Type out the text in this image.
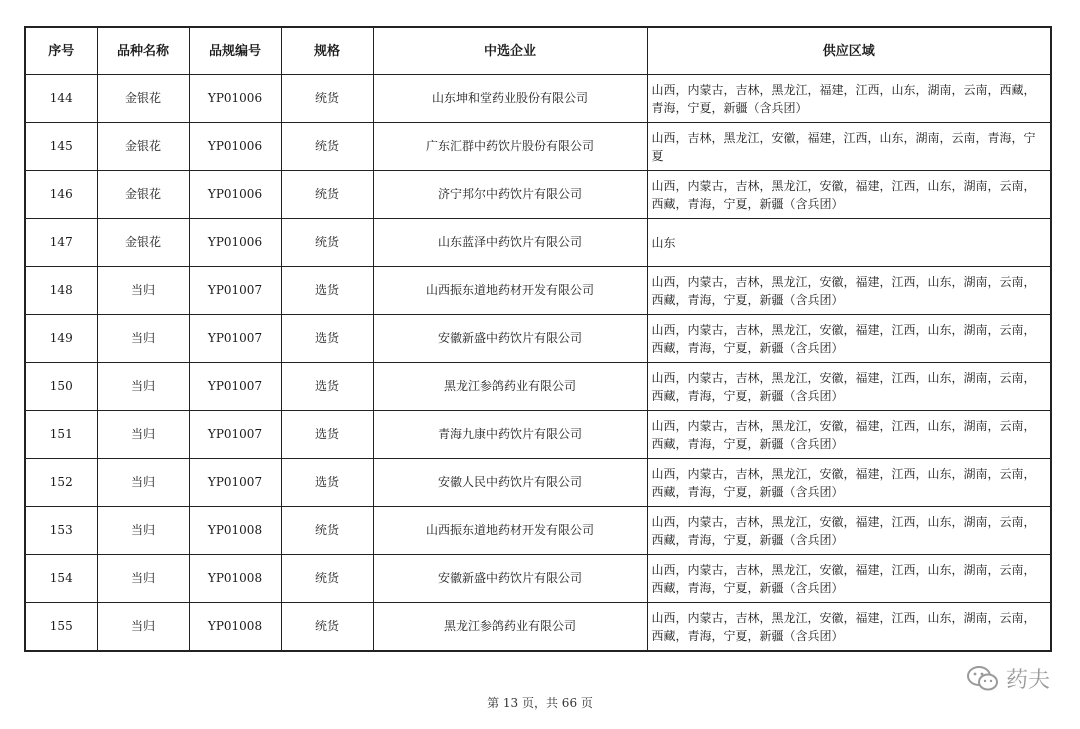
序号	品种名称	品规编号	规格	中选企业	供应区域
144	金银花	YP01006	统货	山东坤和堂药业股份有限公司	山西，内蒙古，吉林，黑龙江，福建，江西，山东，湖南，云南，西藏，青海，宁夏，新疆（含兵团）
145	金银花	YP01006	统货	广东汇群中药饮片股份有限公司	山西，吉林，黑龙江，安徽，福建，江西，山东，湖南，云南，青海，宁夏
146	金银花	YP01006	统货	济宁邦尔中药饮片有限公司	山西，内蒙古，吉林，黑龙江，安徽，福建，江西，山东，湖南，云南，西藏，青海，宁夏，新疆（含兵团）
147	金银花	YP01006	统货	山东蓝泽中药饮片有限公司	山东
148	当归	YP01007	选货	山西振东道地药材开发有限公司	山西，内蒙古，吉林，黑龙江，安徽，福建，江西，山东，湖南，云南，西藏，青海，宁夏，新疆（含兵团）
149	当归	YP01007	选货	安徽新盛中药饮片有限公司	山西，内蒙古，吉林，黑龙江，安徽，福建，江西，山东，湖南，云南，西藏，青海，宁夏，新疆（含兵团）
150	当归	YP01007	选货	黑龙江参鸽药业有限公司	山西，内蒙古，吉林，黑龙江，安徽，福建，江西，山东，湖南，云南，西藏，青海，宁夏，新疆（含兵团）
151	当归	YP01007	选货	青海九康中药饮片有限公司	山西，内蒙古，吉林，黑龙江，安徽，福建，江西，山东，湖南，云南，西藏，青海，宁夏，新疆（含兵团）
152	当归	YP01007	选货	安徽人民中药饮片有限公司	山西，内蒙古，吉林，黑龙江，安徽，福建，江西，山东，湖南，云南，西藏，青海，宁夏，新疆（含兵团）
153	当归	YP01008	统货	山西振东道地药材开发有限公司	山西，内蒙古，吉林，黑龙江，安徽，福建，江西，山东，湖南，云南，西藏，青海，宁夏，新疆（含兵团）
154	当归	YP01008	统货	安徽新盛中药饮片有限公司	山西，内蒙古，吉林，黑龙江，安徽，福建，江西，山东，湖南，云南，西藏，青海，宁夏，新疆（含兵团）
155	当归	YP01008	统货	黑龙江参鸽药业有限公司	山西，内蒙古，吉林，黑龙江，安徽，福建，江西，山东，湖南，云南，西藏，青海，宁夏，新疆（含兵团）
第 13 页，共 66 页
药夫
